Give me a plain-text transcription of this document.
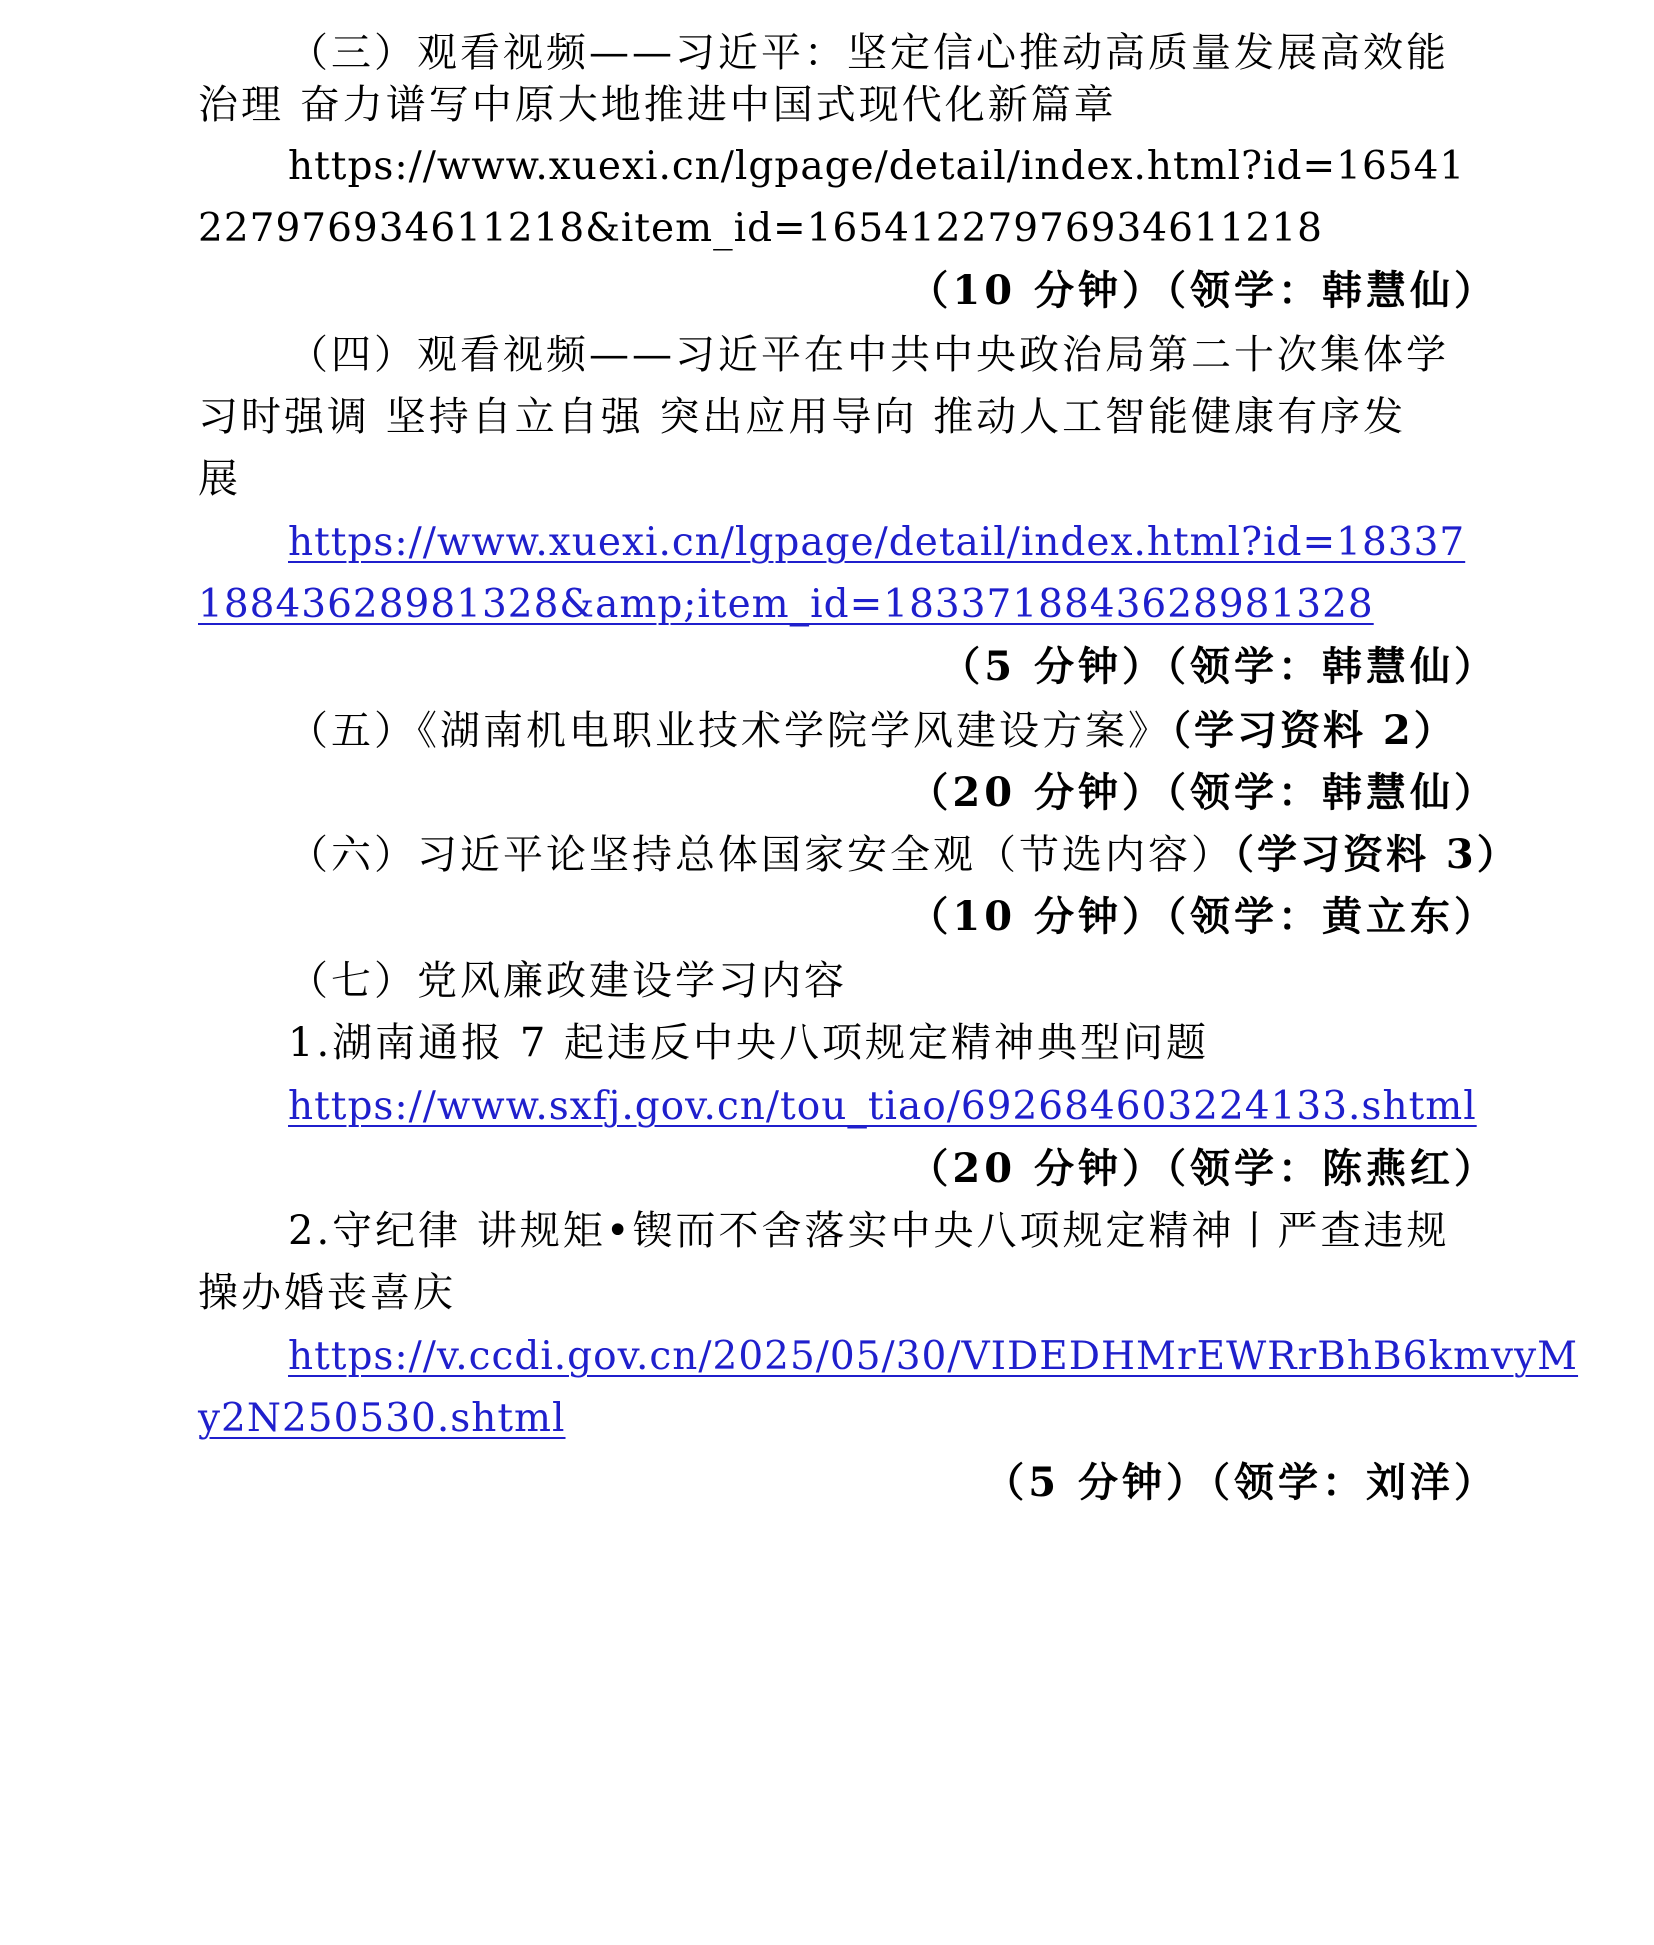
（三）观看视频——习近平：坚定信心推动高质量发展高效能
治理 奋力谱写中原大地推进中国式现代化新篇章
https://www.xuexi.cn/lgpage/detail/index.html?id=16541
22797693461121​8&item_id=16541227976934611218
（10 分钟）（领学：韩慧仙）
（四）观看视频——习近平在中共中央政治局第二十次集体学
习时强调 坚持自立自强 突出应用导向 推动人工智能健康有序发
展
https://www.xuexi.cn/lgpage/detail/index.html?id=18337
18843628981328&amp;item_id=18337188436289813​28
（5 分钟）（领学：韩慧仙）
（五）《湖南机电职业技术学院学风建设方案》（学习资料 2）
（20 分钟）（领学：韩慧仙）
（六）习近平论坚持总体国家安全观（节选内容）（学习资料 3）
（10 分钟）（领学：黄立东）
（七）党风廉政建设学习内容
1.湖南通报 7 起违反中央八项规定精神典型问题
https://www.sxfj.gov.cn/tou_tiao/692684603224133.shtml
（20 分钟）（领学：陈燕红）
2.守纪律 讲规矩•锲而不舍落实中央八项规定精神丨严查违规
操办婚丧喜庆
https://v.ccdi.gov.cn/2025/05/30/VIDEDHMrEWRrBhB6kmvyM
y2N250530.shtml
（5 分钟）（领学：刘洋）
